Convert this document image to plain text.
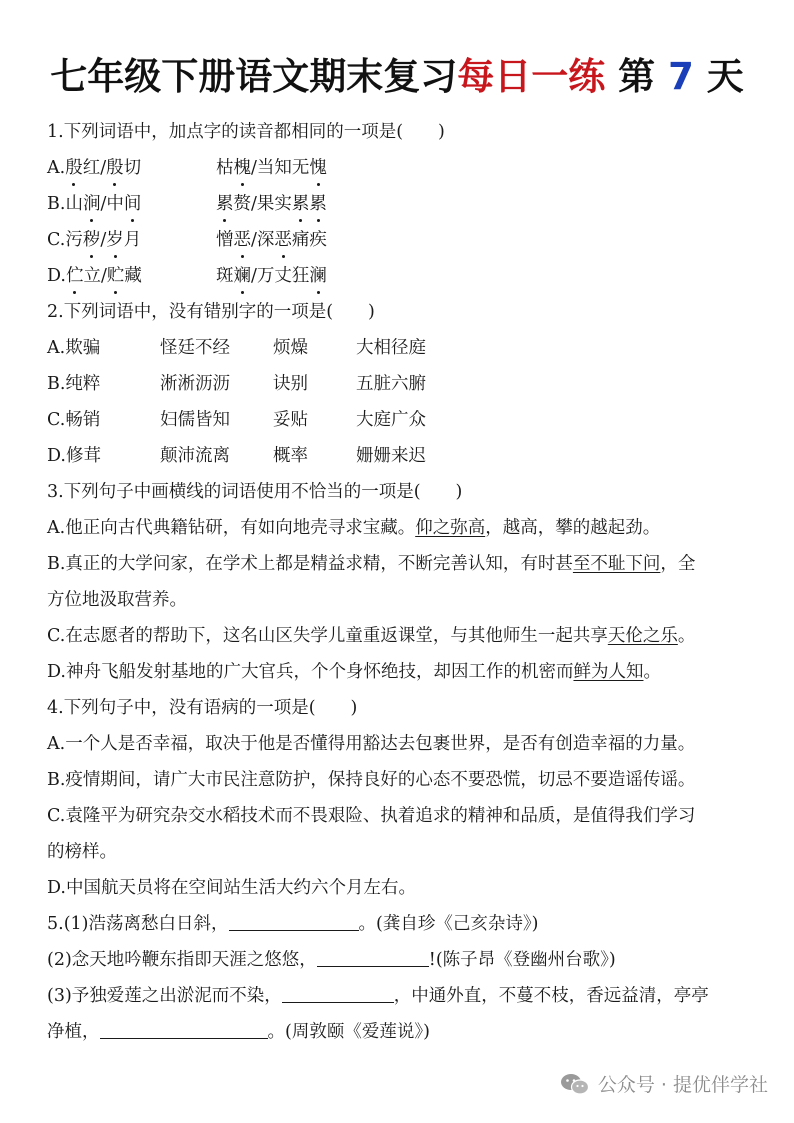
七年级下册语文期末复习每日一练 第 7 天
1.下列词语中，加点字的读音都相同的一项是(　　)
A.殷红/殷切	枯槐/当知无愧
B.山涧/中间	累赘/果实累累
C.污秽/岁月	憎恶/深恶痛疾
D.伫立/贮藏	斑斓/万丈狂澜
2.下列词语中，没有错别字的一项是(　　)
A.欺骗	怪廷不经 烦燥	大相径庭
B.纯粹	淅淅沥沥 诀别	五脏六腑
C.畅销	妇儒皆知 妥贴	大庭广众
D.修茸	颠沛流离 概率	姗姗来迟
3.下列句子中画横线的词语使用不恰当的一项是(　　)
A.他正向古代典籍钻研，有如向地壳寻求宝藏。仰之弥高，越高，攀的越起劲。
B.真正的大学问家，在学术上都是精益求精，不断完善认知，有时甚至不耻下问，全
方位地汲取营养。
C.在志愿者的帮助下，这名山区失学儿童重返课堂，与其他师生一起共享天伦之乐。
D.神舟飞船发射基地的广大官兵，个个身怀绝技，却因工作的机密而鲜为人知。
4.下列句子中，没有语病的一项是(　　)
A.一个人是否幸福，取决于他是否懂得用豁达去包裹世界，是否有创造幸福的力量。
B.疫情期间，请广大市民注意防护，保持良好的心态不要恐慌，切忌不要造谣传谣。
C.袁隆平为研究杂交水稻技术而不畏艰险、执着追求的精神和品质，是值得我们学习
的榜样。
D.中国航天员将在空间站生活大约六个月左右。
5.(1)浩荡离愁白日斜，	。(龚自珍《己亥杂诗》)
(2)念天地吟鞭东指即天涯之悠悠，	!(陈子昂《登幽州台歌》)
(3)予独爱莲之出淤泥而不染，	，中通外直，不蔓不枝，香远益清，亭亭
净植，	。(周敦颐《爱莲说》)
公众号 · 提优伴学社
